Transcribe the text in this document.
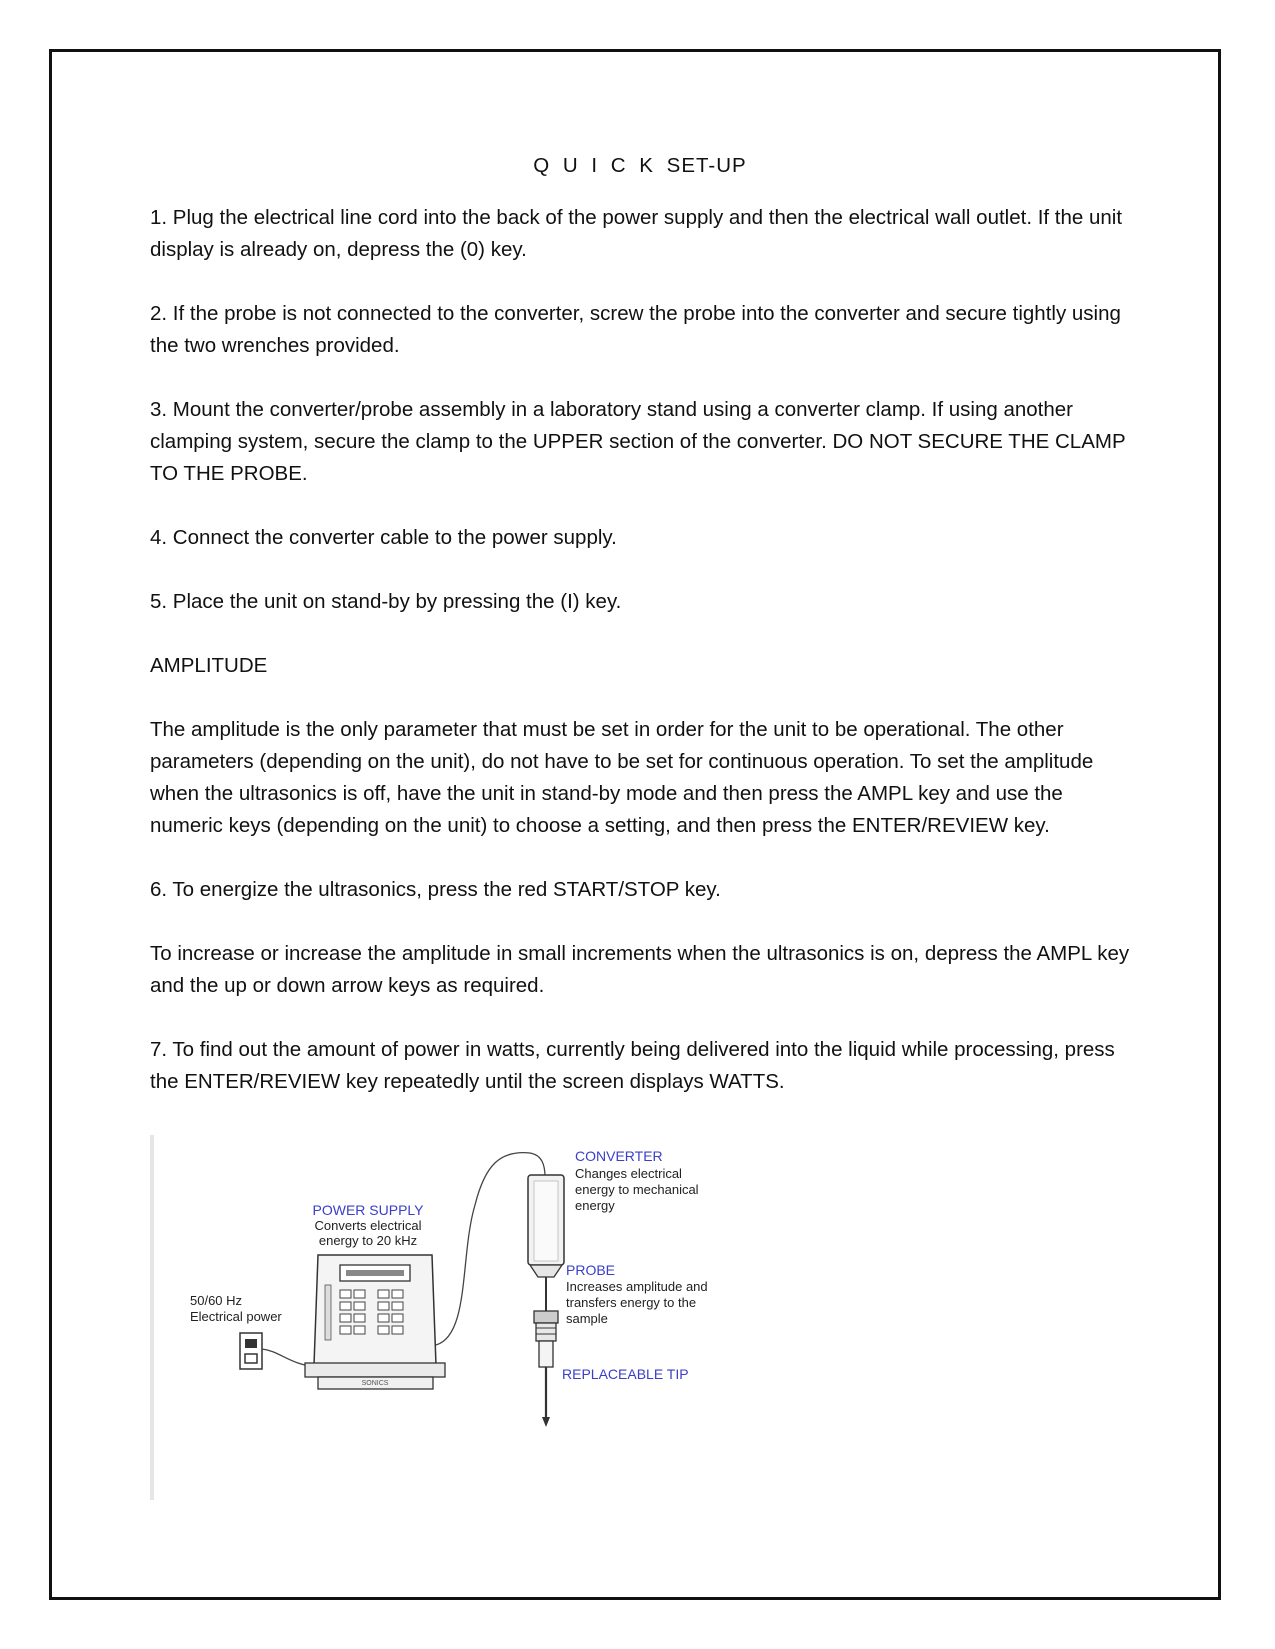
Q U I C K SET-UP

1. Plug the electrical line cord into the back of the power supply and then the electrical wall outlet. If the unit display is already on, depress the (0) key.

2. If the probe is not connected to the converter, screw the probe into the converter and secure tightly using the two wrenches provided.

3. Mount the converter/probe assembly in a laboratory stand using a converter clamp. If using another clamping system, secure the clamp to the UPPER section of the converter. DO NOT SECURE THE CLAMP TO THE PROBE.

4. Connect the converter cable to the power supply.

5. Place the unit on stand-by by pressing the (I) key.

AMPLITUDE

The amplitude is the only parameter that must be set in order for the unit to be operational. The other parameters (depending on the unit), do not have to be set for continuous operation. To set the amplitude when the ultrasonics is off, have the unit in stand-by mode and then press the AMPL key and use the numeric keys (depending on the unit) to choose a setting, and then press the ENTER/REVIEW key.

6. To energize the ultrasonics, press the red START/STOP key.

To increase or increase the amplitude in small increments when the ultrasonics is on, depress the AMPL key and the up or down arrow keys as required.

7. To find out the amount of power in watts, currently being delivered into the liquid while processing, press the ENTER/REVIEW key repeatedly until the screen displays WATTS.

SONICS
50/60 Hz
Electrical power
POWER SUPPLY
Converts electrical
energy to 20 kHz
CONVERTER
Changes electrical
energy to mechanical
energy
PROBE
Increases amplitude and
transfers energy to the
sample
REPLACEABLE TIP
